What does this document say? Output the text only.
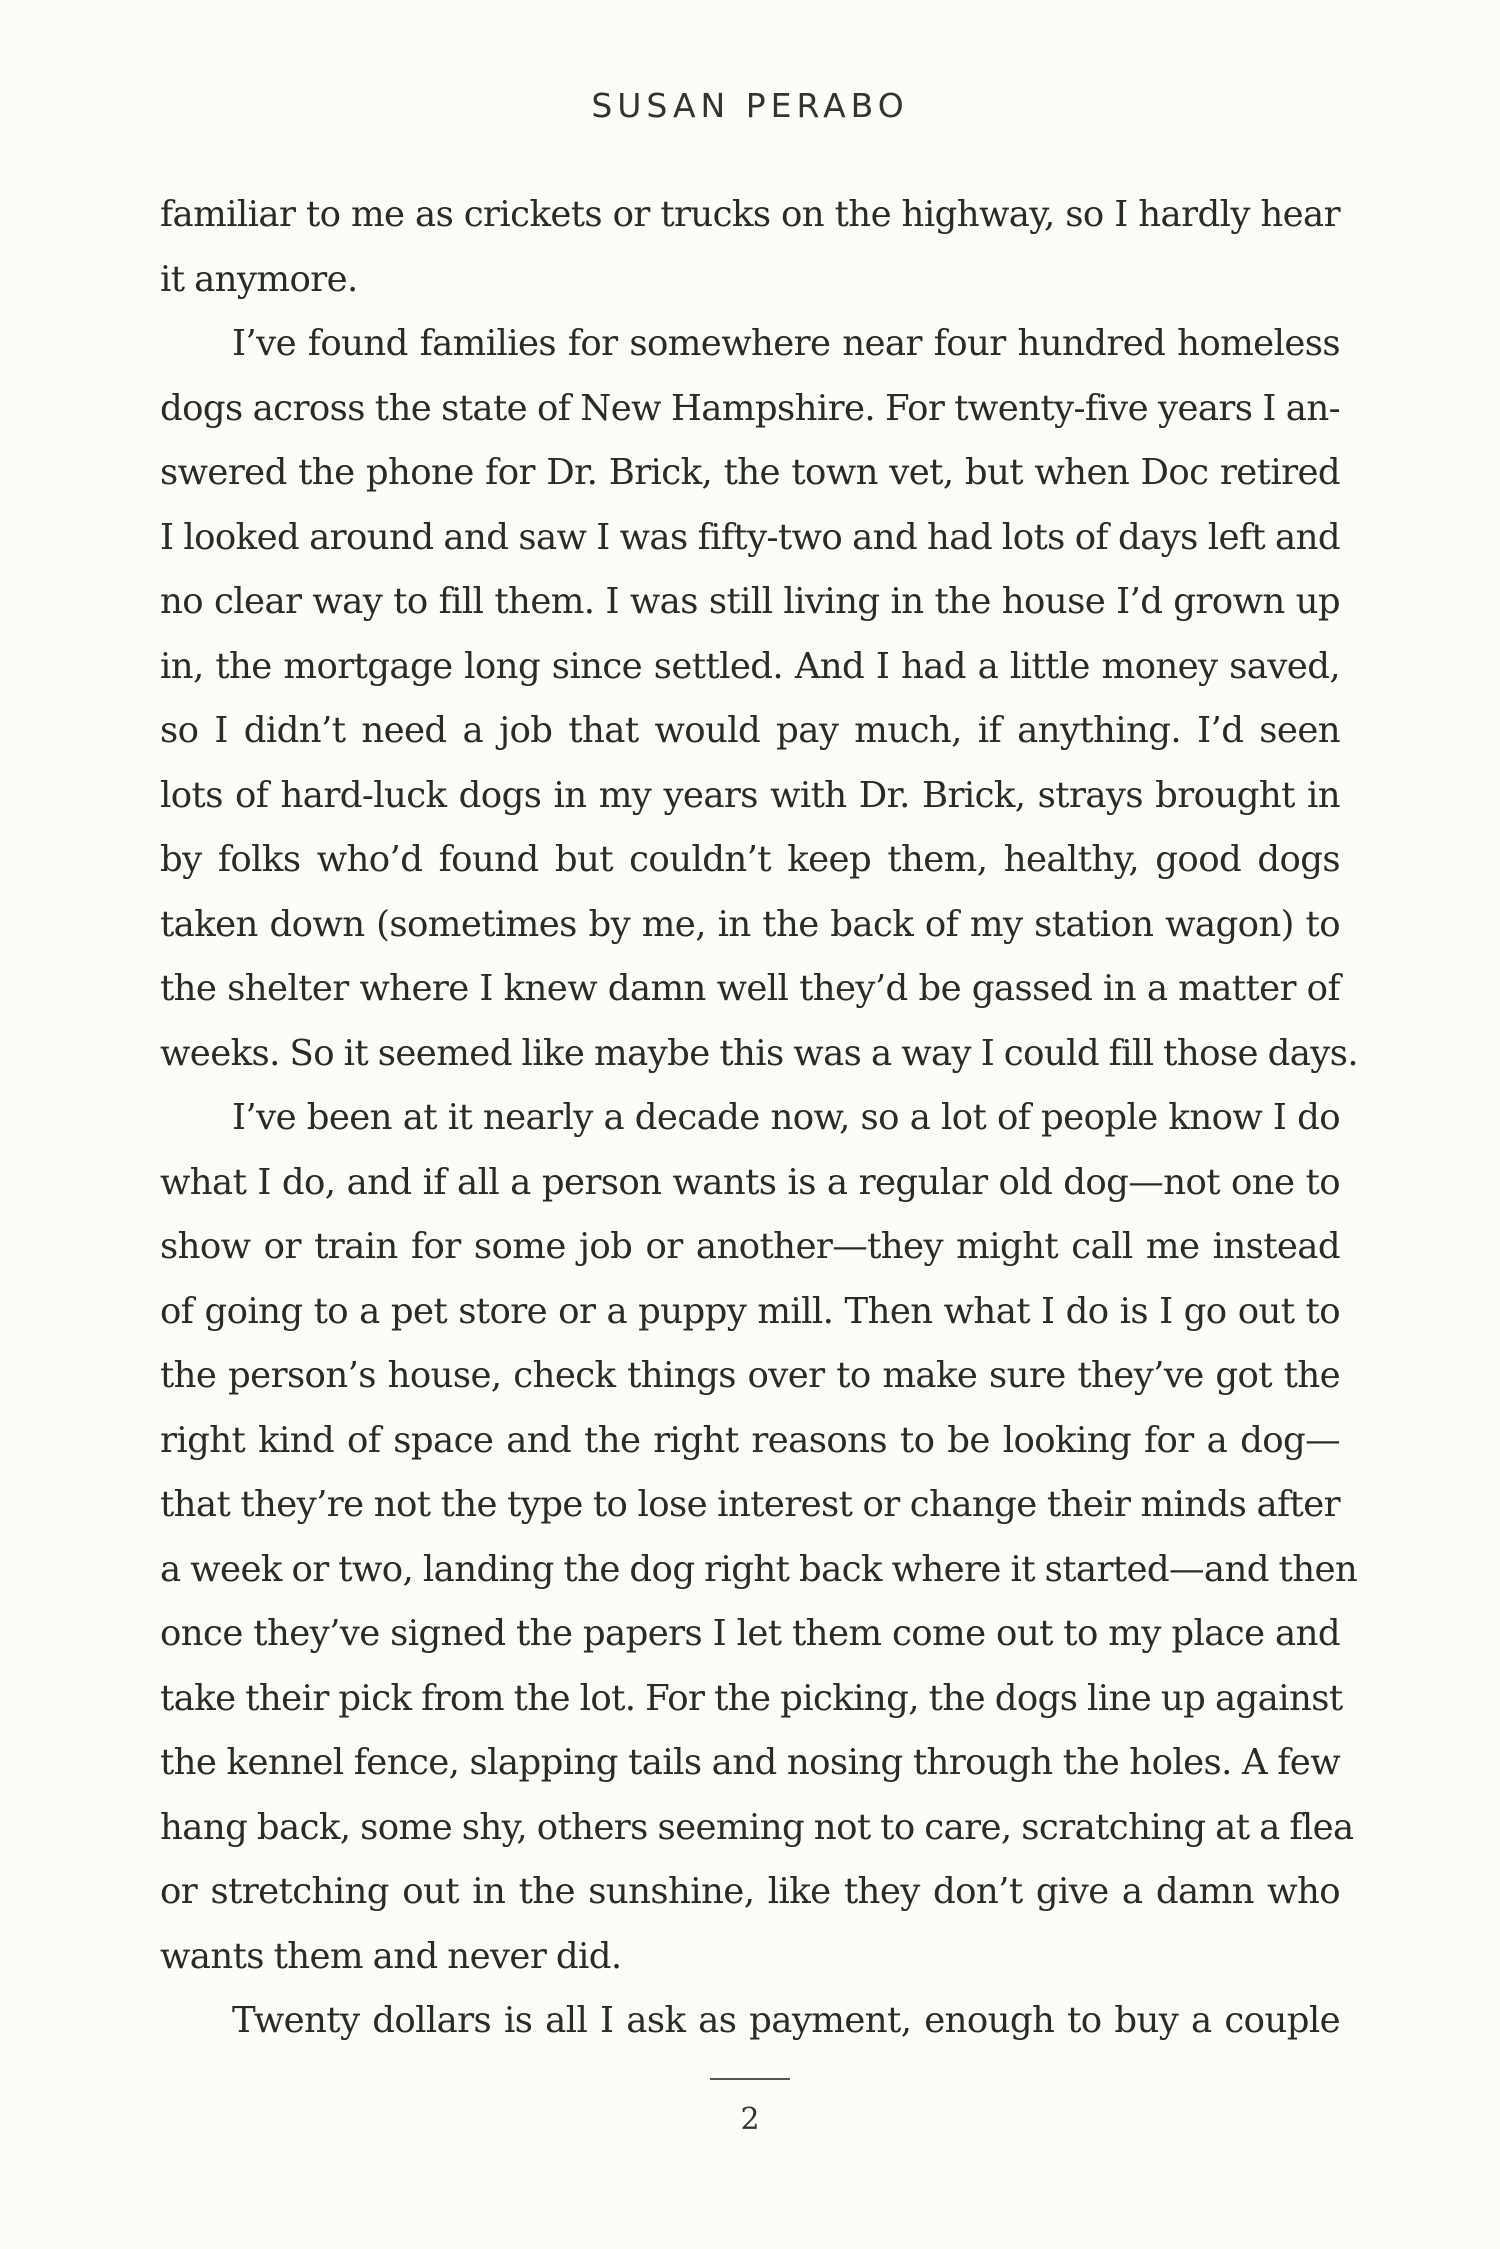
SUSAN PERABO
familiar to me as crickets or trucks on the highway, so I hardly hear
it anymore.
I’ve found families for somewhere near four hundred homeless
dogs across the state of New Hampshire. For twenty-five years I an-
swered the phone for Dr. Brick, the town vet, but when Doc retired
I looked around and saw I was fifty-two and had lots of days left and
no clear way to fill them. I was still living in the house I’d grown up
in, the mortgage long since settled. And I had a little money saved,
so I didn’t need a job that would pay much, if anything. I’d seen
lots of hard-luck dogs in my years with Dr. Brick, strays brought in
by folks who’d found but couldn’t keep them, healthy, good dogs
taken down (sometimes by me, in the back of my station wagon) to
the shelter where I knew damn well they’d be gassed in a matter of
weeks. So it seemed like maybe this was a way I could fill those days.
I’ve been at it nearly a decade now, so a lot of people know I do
what I do, and if all a person wants is a regular old dog—not one to
show or train for some job or another—they might call me instead
of going to a pet store or a puppy mill. Then what I do is I go out to
the person’s house, check things over to make sure they’ve got the
right kind of space and the right reasons to be looking for a dog—
that they’re not the type to lose interest or change their minds after
a week or two, landing the dog right back where it started—and then
once they’ve signed the papers I let them come out to my place and
take their pick from the lot. For the picking, the dogs line up against
the kennel fence, slapping tails and nosing through the holes. A few
hang back, some shy, others seeming not to care, scratching at a flea
or stretching out in the sunshine, like they don’t give a damn who
wants them and never did.
Twenty dollars is all I ask as payment, enough to buy a couple
2
